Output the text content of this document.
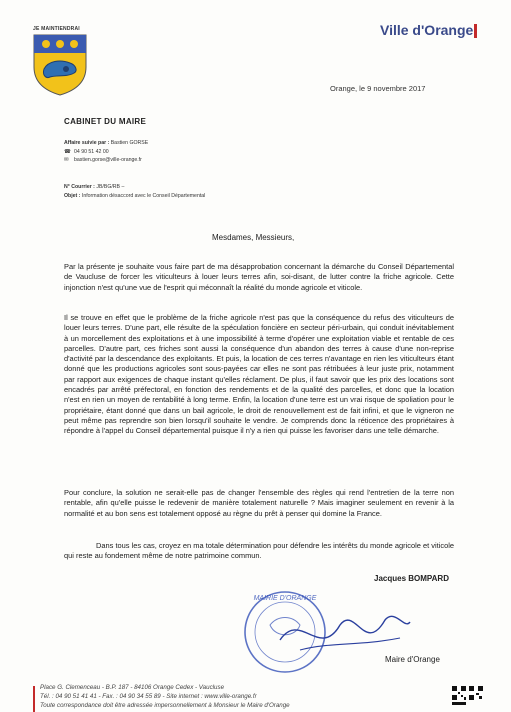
JE MAINTIENDRAI	Ville d'Orange
Orange, le 9 novembre 2017
CABINET DU MAIRE
Affaire suivie par : Bastien GORSE
☎ 04 90 51 42 00
✉ bastien.gorse@ville-orange.fr
N° Courrier : JB/BG/RB –
Objet : Information désaccord avec le Conseil Départemental
Mesdames, Messieurs,
Par la présente je souhaite vous faire part de ma désapprobation concernant la démarche du Conseil Départemental de Vaucluse de forcer les viticulteurs à louer leurs terres afin, soi-disant, de lutter contre la friche agricole. Cette injonction n'est qu'une vue de l'esprit qui méconnaît la réalité du monde agricole et viticole.
Il se trouve en effet que le problème de la friche agricole n'est pas que la conséquence du refus des viticulteurs de louer leurs terres. D'une part, elle résulte de la spéculation foncière en secteur péri-urbain, qui conduit inévitablement à un morcellement des exploitations et à une impossibilité à terme d'opérer une exploitation viable et rentable de ces parcelles. D'autre part, ces friches sont aussi la conséquence d'un abandon des terres à cause d'une non-reprise d'activité par la descendance des exploitants. Et puis, la location de ces terres n'avantage en rien les viticulteurs étant donné que les productions agricoles sont sous-payées car elles ne sont pas rétribuées à leur juste prix, notamment par rapport aux exigences de chaque instant qu'elles réclament. De plus, il faut savoir que les prix des locations sont encadrés par arrêté préfectoral, en fonction des rendements et de la qualité des parcelles, et donc que la location n'est en rien un moyen de rentabilité à long terme. Enfin, la location d'une terre est un vrai risque de spoliation pour le propriétaire, étant donné que dans un bail agricole, le droit de renouvellement est de fait infini, et que le vigneron ne peut même pas reprendre son bien lorsqu'il souhaite le vendre. Je comprends donc la réticence des propriétaires à répondre à l'appel du Conseil départemental puisque il n'y a rien qui puisse les favoriser dans une telle démarche.
Pour conclure, la solution ne serait-elle pas de changer l'ensemble des règles qui rend l'entretien de la terre non rentable, afin qu'elle puisse le redevenir de manière totalement naturelle ? Mais imaginer seulement en revenir à la normalité et au bon sens est totalement opposé au règne du prêt à penser qui domine la France.
Dans tous les cas, croyez en ma totale détermination pour défendre les intérêts du monde agricole et viticole qui reste au fondement même de notre patrimoine commun.
Jacques BOMPARD
MAIRIE D'ORANGE
Maire d'Orange
Place G. Clemenceau - B.P. 187 - 84106 Orange Cedex - Vaucluse
Tél. : 04 90 51 41 41 - Fax. : 04 90 34 55 89 - Site internet : www.ville-orange.fr
Toute correspondance doit être adressée impersonnellement à Monsieur le Maire d'Orange
